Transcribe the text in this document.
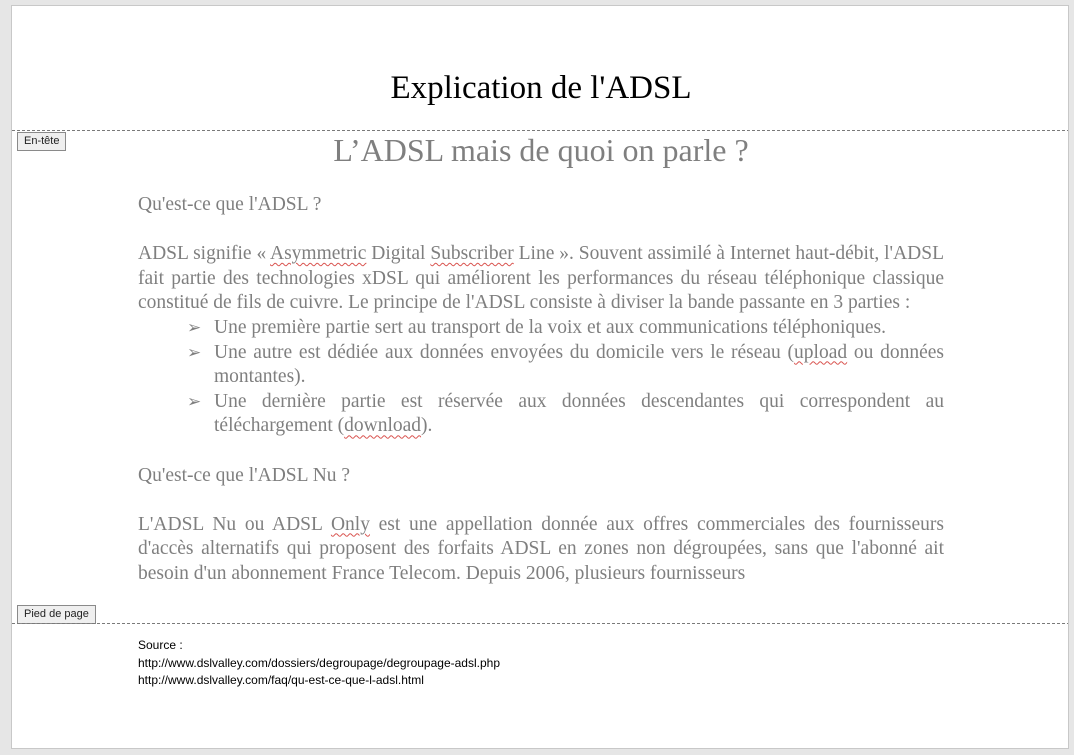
Explication de l'ADSL
En-tête	L’ADSL mais de quoi on parle ?

Qu'est-ce que l'ADSL ?

ADSL signifie « Asymmetric Digital Subscriber Line ». Souvent assimilé à Internet haut-débit, l'ADSL fait partie des technologies xDSL qui améliorent les performances du réseau téléphonique classique constitué de fils de cuivre. Le principe de l'ADSL consiste à diviser la bande passante en 3 parties :

➢ Une première partie sert au transport de la voix et aux communications téléphoniques.
➢ Une autre est dédiée aux données envoyées du domicile vers le réseau (upload ou données montantes).
➢ Une dernière partie est réservée aux données descendantes qui correspondent au téléchargement (download).

Qu'est-ce que l'ADSL Nu ?

L'ADSL Nu ou ADSL Only est une appellation donnée aux offres commerciales des fournisseurs d'accès alternatifs qui proposent des forfaits ADSL en zones non dégroupées, sans que l'abonné ait besoin d'un abonnement France Telecom. Depuis 2006, plusieurs fournisseurs

Pied de page
Source :
http://www.dslvalley.com/dossiers/degroupage/degroupage-adsl.php
http://www.dslvalley.com/faq/qu-est-ce-que-l-adsl.html
